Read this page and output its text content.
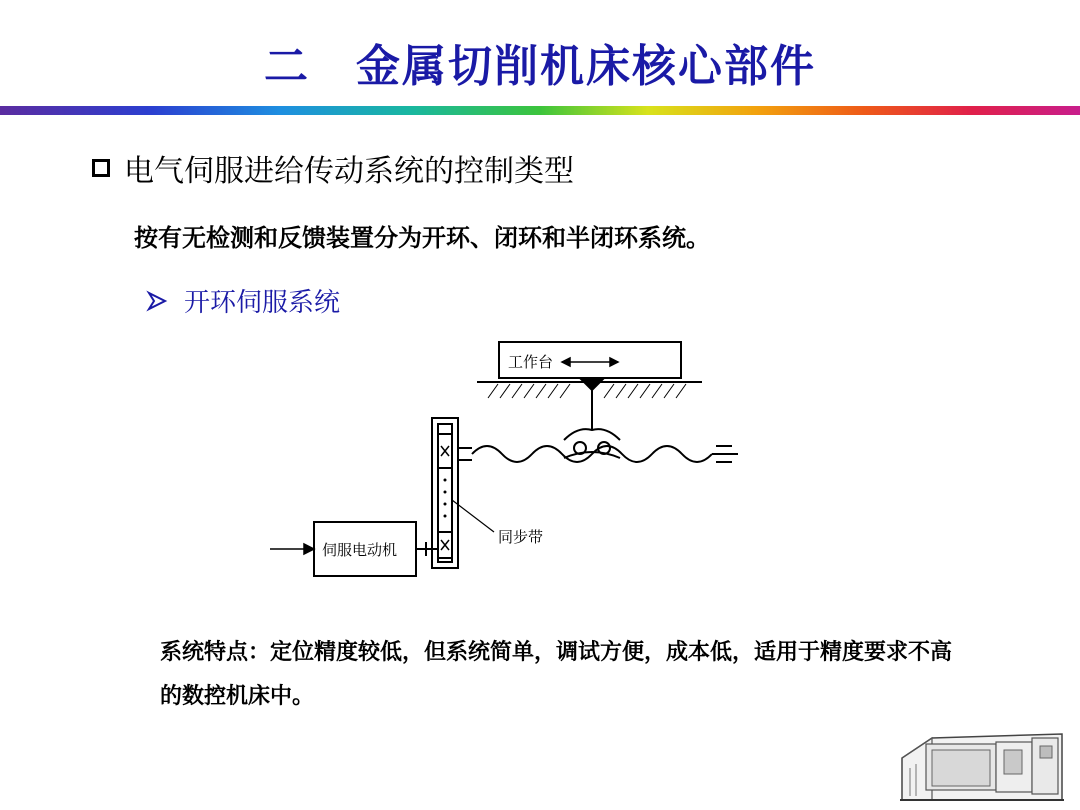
二 金属切削机床核心部件
电气伺服进给传动系统的控制类型
按有无检测和反馈装置分为开环、闭环和半闭环系统。
开环伺服系统
工作台
同步带
伺服电动机
系统特点：定位精度较低，但系统简单，调试方便，成本低，适用于精度要求不高的数控机床中。
